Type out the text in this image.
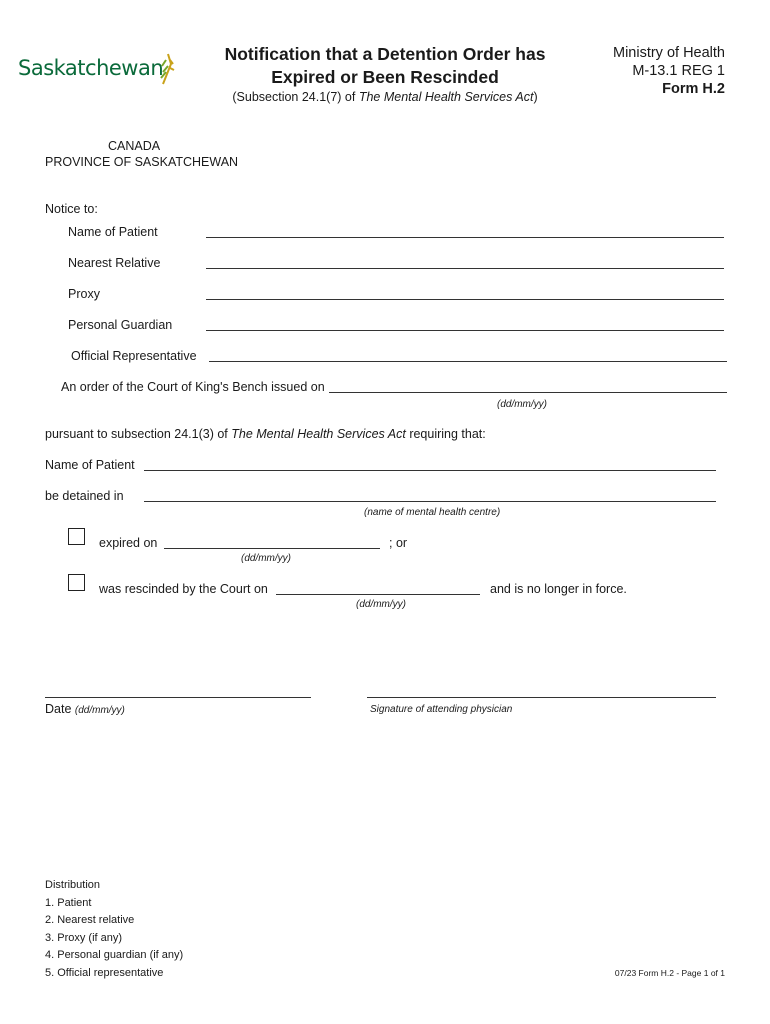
Saskatchewan
Notification that a Detention Order has
Expired or Been Rescinded
(Subsection 24.1(7) of The Mental Health Services Act)
Ministry of Health
M-13.1 REG 1
Form H.2
CANADA
PROVINCE OF SASKATCHEWAN
Notice to:
Name of Patient
Nearest Relative
Proxy
Personal Guardian
Official Representative
An order of the Court of King's Bench issued on
(dd/mm/yy)
pursuant to subsection 24.1(3) of The Mental Health Services Act requiring that:
Name of Patient
be detained in
(name of mental health centre)
expired on	; or
(dd/mm/yy)
was rescinded by the Court on	and is no longer in force.
(dd/mm/yy)
Date (dd/mm/yy)	Signature of attending physician
Distribution
1. Patient
2. Nearest relative
3. Proxy (if any)
4. Personal guardian (if any)
5. Official representative	07/23 Form H.2 - Page 1 of 1
